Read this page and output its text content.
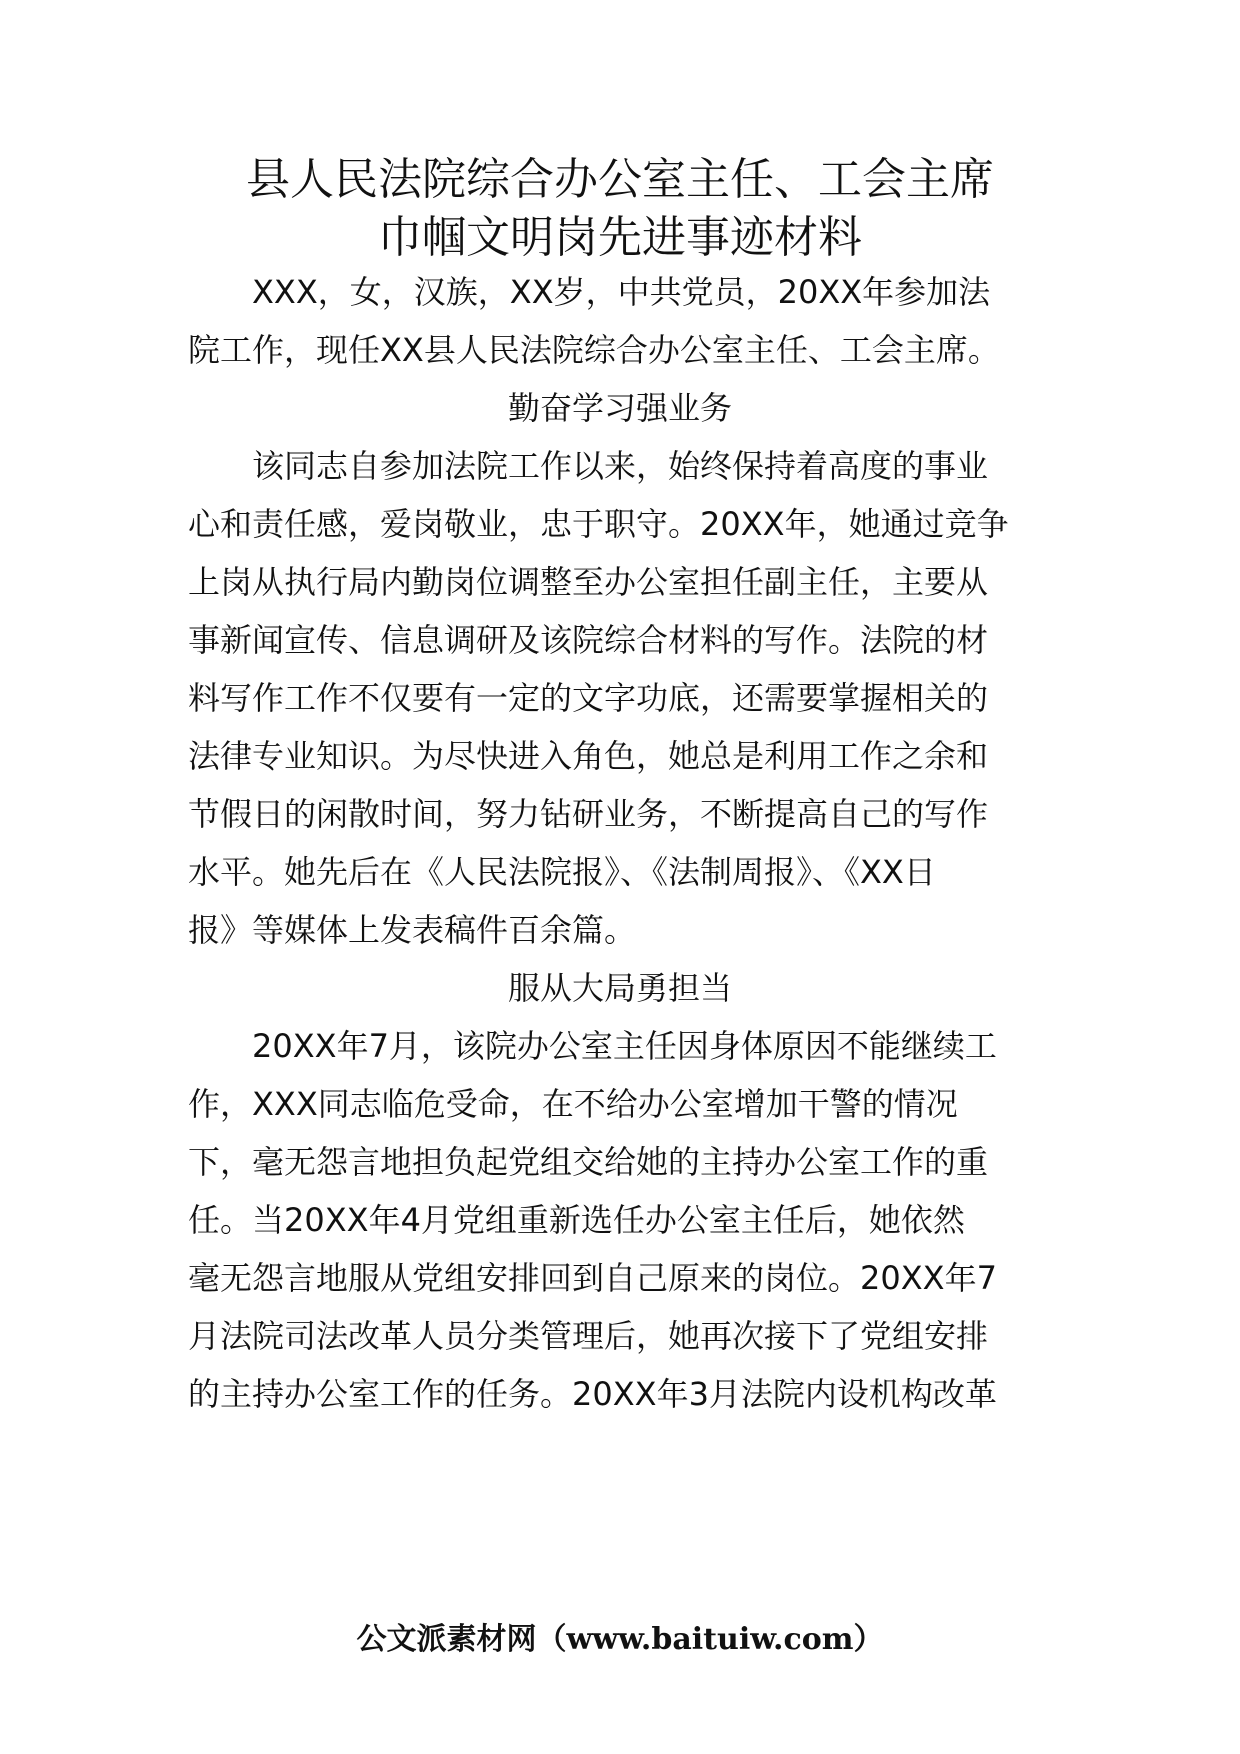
县人民法院综合办公室主任、工会主席
巾帼文明岗先进事迹材料
XXX，女，汉族，XX岁，中共党员，20XX年参加法
院工作，现任XX县人民法院综合办公室主任、工会主席。
勤奋学习强业务
该同志自参加法院工作以来，始终保持着高度的事业
心和责任感，爱岗敬业，忠于职守。20XX年，她通过竞争
上岗从执行局内勤岗位调整至办公室担任副主任，主要从
事新闻宣传、信息调研及该院综合材料的写作。法院的材
料写作工作不仅要有一定的文字功底，还需要掌握相关的
法律专业知识。为尽快进入角色，她总是利用工作之余和
节假日的闲散时间，努力钻研业务，不断提高自己的写作
水平。她先后在《人民法院报》、《法制周报》、《XX日
报》等媒体上发表稿件百余篇。
服从大局勇担当
20XX年7月，该院办公室主任因身体原因不能继续工
作，XXX同志临危受命，在不给办公室增加干警的情况
下，毫无怨言地担负起党组交给她的主持办公室工作的重
任。当20XX年4月党组重新选任办公室主任后，她依然
毫无怨言地服从党组安排回到自己原来的岗位。20XX年7
月法院司法改革人员分类管理后，她再次接下了党组安排
的主持办公室工作的任务。20XX年3月法院内设机构改革
公文派素材网（www.baituiw.com）
